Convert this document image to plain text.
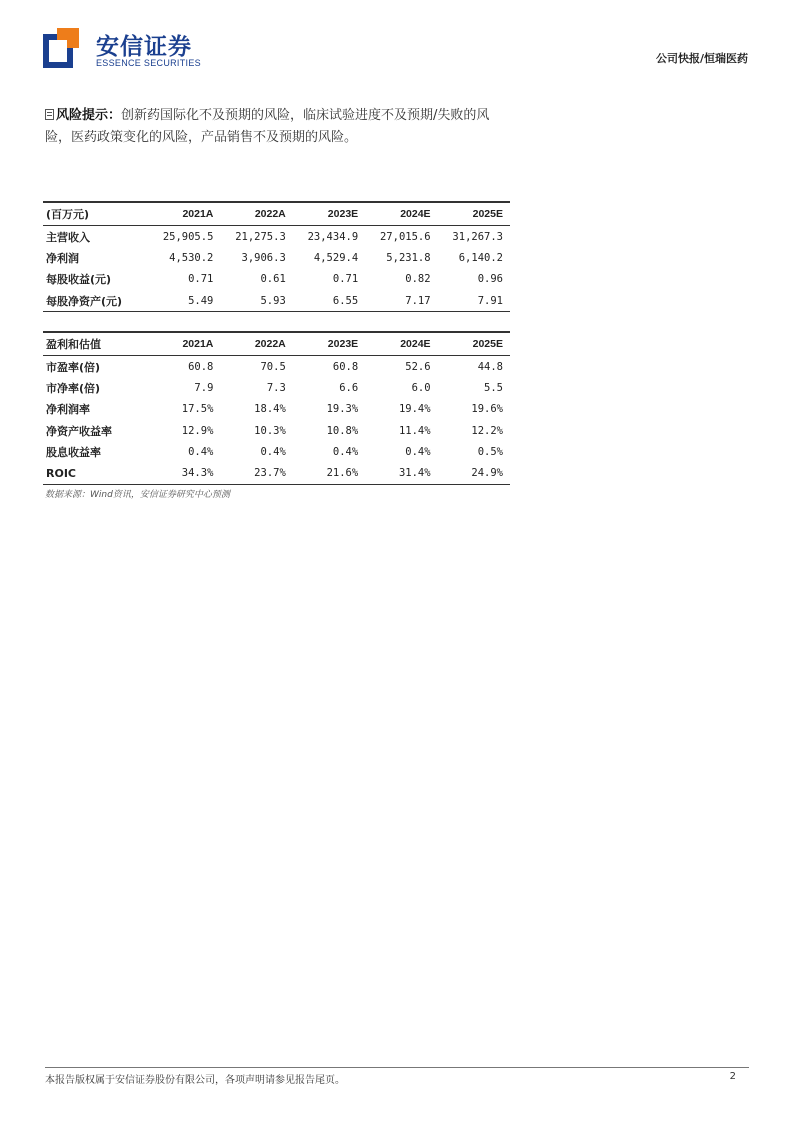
安信证券
ESSENCE SECURITIES	公司快报/恒瑞医药
风险提示：创新药国际化不及预期的风险，临床试验进度不及预期/失败的风险，医药政策变化的风险，产品销售不及预期的风险。
(百万元)	2021A	2022A	2023E	2024E	2025E
主营收入	25,905.5	21,275.3	23,434.9	27,015.6	31,267.3
净利润	4,530.2	3,906.3	4,529.4	5,231.8	6,140.2
每股收益(元)	0.71	0.61	0.71	0.82	0.96
每股净资产(元)	5.49	5.93	6.55	7.17	7.91
盈利和估值	2021A	2022A	2023E	2024E	2025E
市盈率(倍)	60.8	70.5	60.8	52.6	44.8
市净率(倍)	7.9	7.3	6.6	6.0	5.5
净利润率	17.5%	18.4%	19.3%	19.4%	19.6%
净资产收益率	12.9%	10.3%	10.8%	11.4%	12.2%
股息收益率	0.4%	0.4%	0.4%	0.4%	0.5%
ROIC	34.3%	23.7%	21.6%	31.4%	24.9%
数据来源：Wind资讯，安信证券研究中心预测
本报告版权属于安信证券股份有限公司，各项声明请参见报告尾页。	2
